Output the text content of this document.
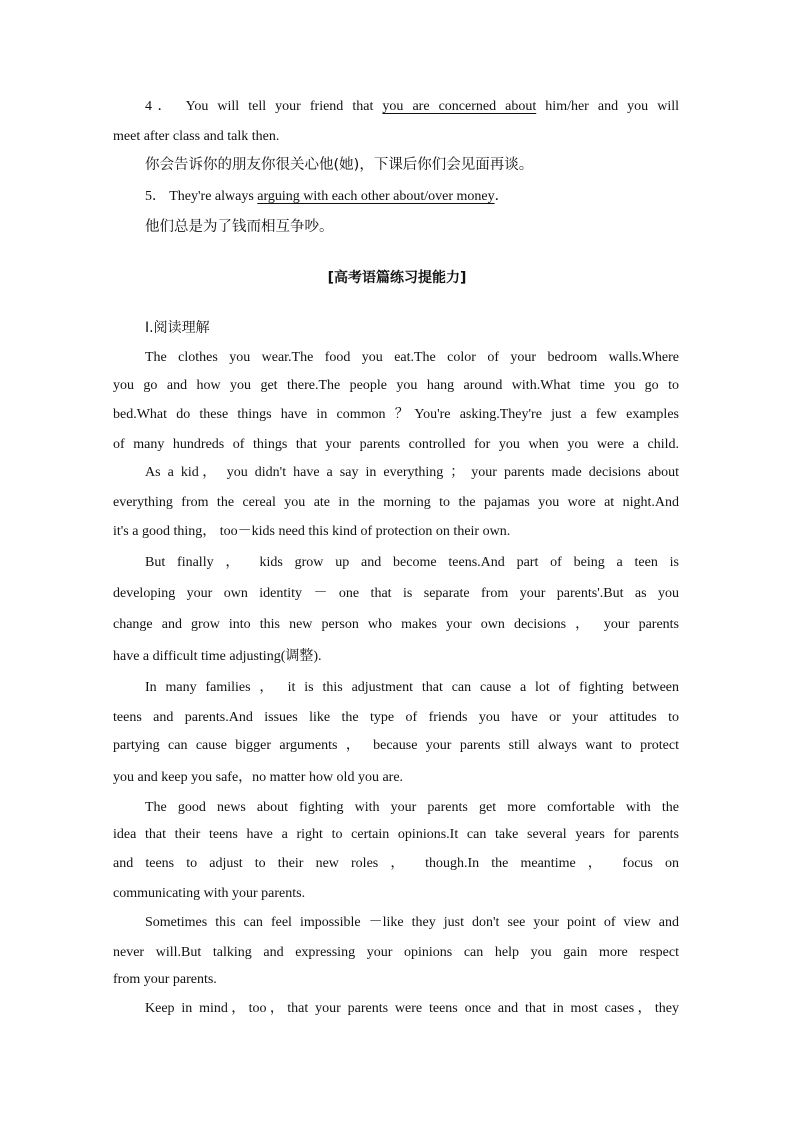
4． You will tell your friend that you are concerned about him/her and you will
meet after class and talk then.
你会告诉你的朋友你很关心他(她)，下课后你们会见面再谈。
5． They're always arguing with each other about/over money．
他们总是为了钱而相互争吵。
[高考语篇练习提能力]
Ⅰ.阅读理解
The clothes you wear.The food you eat.The color of your bedroom walls.Where
you go and how you get there.The people you hang around with.What time you go to
bed.What do these things have in common ？You're asking.They're just a few examples
of many hundreds of things that your parents controlled for you when you were a child.
As a kid， you didn't have a say in everything ； your parents made decisions about
everything from the cereal you ate in the morning to the pajamas you wore at night.And
it's a good thing， too－kids need this kind of protection on their own.
But finally ， kids grow up and become teens.And part of being a teen is
developing your own identity － one that is separate from your parents'.But as you
change and grow into this new person who makes your own decisions ， your parents
have a difficult time adjusting(调整).
In many families ， it is this adjustment that can cause a lot of fighting between
teens and parents.And issues like the type of friends you have or your attitudes to
partying can cause bigger arguments ， because your parents still always want to protect
you and keep you safe，no matter how old you are.
The good news about fighting with your parents get more comfortable with the
idea that their teens have a right to certain opinions.It can take several years for parents
and teens to adjust to their new roles ， though.In the meantime ， focus on
communicating with your parents.
Sometimes this can feel impossible －like they just don't see your point of view and
never will.But talking and expressing your opinions can help you gain more respect
from your parents.
Keep in mind，too，that your parents were teens once and that in most cases，they
